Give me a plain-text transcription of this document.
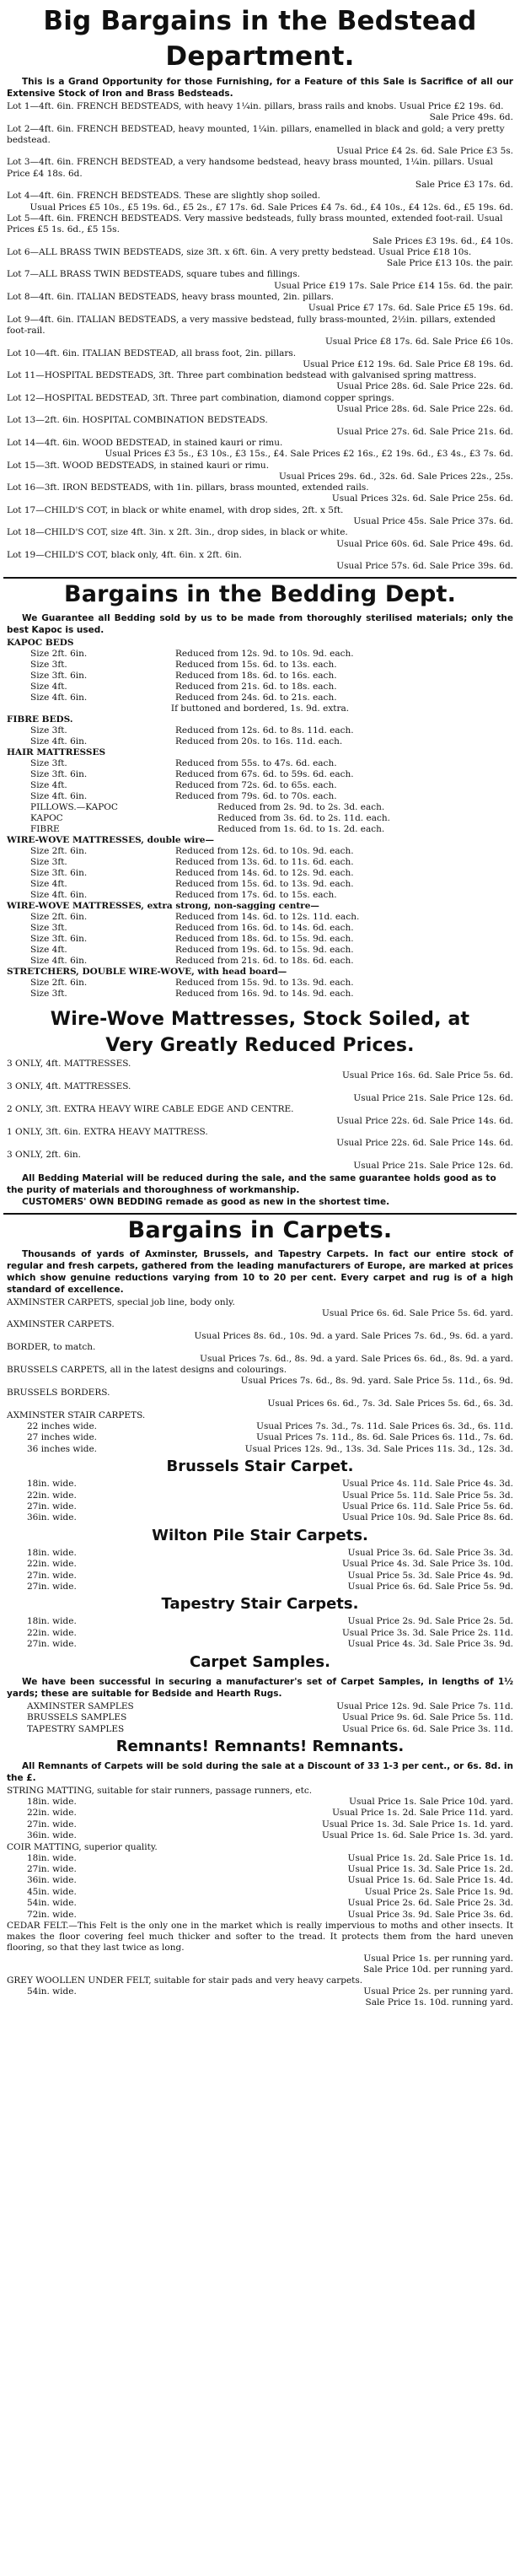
Big Bargains in the Bedstead
Department.
This is a Grand Opportunity for those Furnishing, for a Feature of this Sale is Sacrifice of all our Extensive Stock of Iron and Brass Bedsteads.
Lot 1—4ft. 6in. FRENCH BEDSTEADS, with heavy 1¼in. pillars, brass rails and knobs. Usual Price £2 19s. 6d.
Sale Price 49s. 6d.
Lot 2—4ft. 6in. FRENCH BEDSTEAD, heavy mounted, 1¼in. pillars, enamelled in black and gold; a very pretty bedstead.
Usual Price £4 2s. 6d. Sale Price £3 5s.
Lot 3—4ft. 6in. FRENCH BEDSTEAD, a very handsome bedstead, heavy brass mounted, 1¼in. pillars. Usual Price £4 18s. 6d.
Sale Price £3 17s. 6d.
Lot 4—4ft. 6in. FRENCH BEDSTEADS. These are slightly shop soiled.
Usual Prices £5 10s., £5 19s. 6d., £5 2s., £7 17s. 6d. Sale Prices £4 7s. 6d., £4 10s., £4 12s. 6d., £5 19s. 6d.
Lot 5—4ft. 6in. FRENCH BEDSTEADS. Very massive bedsteads, fully brass mounted, extended foot-rail. Usual Prices £5 1s. 6d., £5 15s.
Sale Prices £3 19s. 6d., £4 10s.
Lot 6—ALL BRASS TWIN BEDSTEADS, size 3ft. x 6ft. 6in. A very pretty bedstead. Usual Price £18 10s.
Sale Price £13 10s. the pair.
Lot 7—ALL BRASS TWIN BEDSTEADS, square tubes and fillings.
Usual Price £19 17s. Sale Price £14 15s. 6d. the pair.
Lot 8—4ft. 6in. ITALIAN BEDSTEADS, heavy brass mounted, 2in. pillars.
Usual Price £7 17s. 6d. Sale Price £5 19s. 6d.
Lot 9—4ft. 6in. ITALIAN BEDSTEADS, a very massive bedstead, fully brass-mounted, 2½in. pillars, extended foot-rail.
Usual Price £8 17s. 6d. Sale Price £6 10s.
Lot 10—4ft. 6in. ITALIAN BEDSTEAD, all brass foot, 2in. pillars.
Usual Price £12 19s. 6d. Sale Price £8 19s. 6d.
Lot 11—HOSPITAL BEDSTEADS, 3ft. Three part combination bedstead with galvanised spring mattress.
Usual Price 28s. 6d. Sale Price 22s. 6d.
Lot 12—HOSPITAL BEDSTEAD, 3ft. Three part combination, diamond copper springs.
Usual Price 28s. 6d. Sale Price 22s. 6d.
Lot 13—2ft. 6in. HOSPITAL COMBINATION BEDSTEADS.
Usual Price 27s. 6d. Sale Price 21s. 6d.
Lot 14—4ft. 6in. WOOD BEDSTEAD, in stained kauri or rimu.
Usual Prices £3 5s., £3 10s., £3 15s., £4. Sale Prices £2 16s., £2 19s. 6d., £3 4s., £3 7s. 6d.
Lot 15—3ft. WOOD BEDSTEADS, in stained kauri or rimu.
Usual Prices 29s. 6d., 32s. 6d. Sale Prices 22s., 25s.
Lot 16—3ft. IRON BEDSTEADS, with 1in. pillars, brass mounted, extended rails.
Usual Prices 32s. 6d. Sale Price 25s. 6d.
Lot 17—CHILD'S COT, in black or white enamel, with drop sides, 2ft. x 5ft.
Usual Price 45s. Sale Price 37s. 6d.
Lot 18—CHILD'S COT, size 4ft. 3in. x 2ft. 3in., drop sides, in black or white.
Usual Price 60s. 6d. Sale Price 49s. 6d.
Lot 19—CHILD'S COT, black only, 4ft. 6in. x 2ft. 6in.
Usual Price 57s. 6d. Sale Price 39s. 6d.
Bargains in the Bedding Dept.
We Guarantee all Bedding sold by us to be made from thoroughly sterilised materials; only the best Kapoc is used.
KAPOC BEDS
Size 2ft. 6in.	Reduced from 12s. 9d. to 10s. 9d. each.
Size 3ft.	Reduced from 15s. 6d. to 13s. each.
Size 3ft. 6in.	Reduced from 18s. 6d. to 16s. each.
Size 4ft.	Reduced from 21s. 6d. to 18s. each.
Size 4ft. 6in.	Reduced from 24s. 6d. to 21s. each.
If buttoned and bordered, 1s. 9d. extra.
FIBRE BEDS.
Size 3ft.	Reduced from 12s. 6d. to 8s. 11d. each.
Size 4ft. 6in.	Reduced from 20s. to 16s. 11d. each.
HAIR MATTRESSES
Size 3ft.	Reduced from 55s. to 47s. 6d. each.
Size 3ft. 6in.	Reduced from 67s. 6d. to 59s. 6d. each.
Size 4ft.	Reduced from 72s. 6d. to 65s. each.
Size 4ft. 6in.	Reduced from 79s. 6d. to 70s. each.
PILLOWS.—KAPOC	Reduced from 2s. 9d. to 2s. 3d. each.
KAPOC	Reduced from 3s. 6d. to 2s. 11d. each.
FIBRE	Reduced from 1s. 6d. to 1s. 2d. each.
WIRE-WOVE MATTRESSES, double wire—
Size 2ft. 6in.	Reduced from 12s. 6d. to 10s. 9d. each.
Size 3ft.	Reduced from 13s. 6d. to 11s. 6d. each.
Size 3ft. 6in.	Reduced from 14s. 6d. to 12s. 9d. each.
Size 4ft.	Reduced from 15s. 6d. to 13s. 9d. each.
Size 4ft. 6in.	Reduced from 17s. 6d. to 15s. each.
WIRE-WOVE MATTRESSES, extra strong, non-sagging centre—
Size 2ft. 6in.	Reduced from 14s. 6d. to 12s. 11d. each.
Size 3ft.	Reduced from 16s. 6d. to 14s. 6d. each.
Size 3ft. 6in.	Reduced from 18s. 6d. to 15s. 9d. each.
Size 4ft.	Reduced from 19s. 6d. to 15s. 9d. each.
Size 4ft. 6in.	Reduced from 21s. 6d. to 18s. 6d. each.
STRETCHERS, DOUBLE WIRE-WOVE, with head board—
Size 2ft. 6in.	Reduced from 15s. 9d. to 13s. 9d. each.
Size 3ft.	Reduced from 16s. 9d. to 14s. 9d. each.
Wire-Wove Mattresses, Stock Soiled, at
Very Greatly Reduced Prices.
3 ONLY, 4ft. MATTRESSES.
Usual Price 16s. 6d. Sale Price 5s. 6d.
3 ONLY, 4ft. MATTRESSES.
Usual Price 21s. Sale Price 12s. 6d.
2 ONLY, 3ft. EXTRA HEAVY WIRE CABLE EDGE AND CENTRE.
Usual Price 22s. 6d. Sale Price 14s. 6d.
1 ONLY, 3ft. 6in. EXTRA HEAVY MATTRESS.
Usual Price 22s. 6d. Sale Price 14s. 6d.
3 ONLY, 2ft. 6in.
Usual Price 21s. Sale Price 12s. 6d.
All Bedding Material will be reduced during the sale, and the same guarantee holds good as to the purity of materials and thoroughness of workmanship.
CUSTOMERS' OWN BEDDING remade as good as new in the shortest time.
Bargains in Carpets.
Thousands of yards of Axminster, Brussels, and Tapestry Carpets. In fact our entire stock of regular and fresh carpets, gathered from the leading manufacturers of Europe, are marked at prices which show genuine reductions varying from 10 to 20 per cent. Every carpet and rug is of a high standard of excellence.
AXMINSTER CARPETS, special job line, body only.
Usual Price 6s. 6d. Sale Price 5s. 6d. yard.
AXMINSTER CARPETS.
Usual Prices 8s. 6d., 10s. 9d. a yard. Sale Prices 7s. 6d., 9s. 6d. a yard.
BORDER, to match.
Usual Prices 7s. 6d., 8s. 9d. a yard. Sale Prices 6s. 6d., 8s. 9d. a yard.
BRUSSELS CARPETS, all in the latest designs and colourings.
Usual Prices 7s. 6d., 8s. 9d. yard. Sale Price 5s. 11d., 6s. 9d.
BRUSSELS BORDERS.
Usual Prices 6s. 6d., 7s. 3d. Sale Prices 5s. 6d., 6s. 3d.
AXMINSTER STAIR CARPETS.
22 inches wide.	Usual Prices 7s. 3d., 7s. 11d. Sale Prices 6s. 3d., 6s. 11d.
27 inches wide.	Usual Prices 7s. 11d., 8s. 6d. Sale Prices 6s. 11d., 7s. 6d.
36 inches wide.	Usual Prices 12s. 9d., 13s. 3d. Sale Prices 11s. 3d., 12s. 3d.
Brussels Stair Carpet.
18in. wide.	Usual Price 4s. 11d. Sale Price 4s. 3d.
22in. wide.	Usual Price 5s. 11d. Sale Price 5s. 3d.
27in. wide.	Usual Price 6s. 11d. Sale Price 5s. 6d.
36in. wide.	Usual Price 10s. 9d. Sale Price 8s. 6d.
Wilton Pile Stair Carpets.
18in. wide.	Usual Price 3s. 6d. Sale Price 3s. 3d.
22in. wide.	Usual Price 4s. 3d. Sale Price 3s. 10d.
27in. wide.	Usual Price 5s. 3d. Sale Price 4s. 9d.
27in. wide.	Usual Price 6s. 6d. Sale Price 5s. 9d.
Tapestry Stair Carpets.
18in. wide.	Usual Price 2s. 9d. Sale Price 2s. 5d.
22in. wide.	Usual Price 3s. 3d. Sale Price 2s. 11d.
27in. wide.	Usual Price 4s. 3d. Sale Price 3s. 9d.
Carpet Samples.
We have been successful in securing a manufacturer's set of Carpet Samples, in lengths of 1½ yards; these are suitable for Bedside and Hearth Rugs.
AXMINSTER SAMPLES	Usual Price 12s. 9d. Sale Price 7s. 11d.
BRUSSELS SAMPLES	Usual Price 9s. 6d. Sale Price 5s. 11d.
TAPESTRY SAMPLES	Usual Price 6s. 6d. Sale Price 3s. 11d.
Remnants! Remnants! Remnants.
All Remnants of Carpets will be sold during the sale at a Discount of 33 1-3 per cent., or 6s. 8d. in the £.
STRING MATTING, suitable for stair runners, passage runners, etc.
18in. wide.	Usual Price 1s. Sale Price 10d. yard.
22in. wide.	Usual Price 1s. 2d. Sale Price 11d. yard.
27in. wide.	Usual Price 1s. 3d. Sale Price 1s. 1d. yard.
36in. wide.	Usual Price 1s. 6d. Sale Price 1s. 3d. yard.
COIR MATTING, superior quality.
18in. wide.	Usual Price 1s. 2d. Sale Price 1s. 1d.
27in. wide.	Usual Price 1s. 3d. Sale Price 1s. 2d.
36in. wide.	Usual Price 1s. 6d. Sale Price 1s. 4d.
45in. wide.	Usual Price 2s. Sale Price 1s. 9d.
54in. wide.	Usual Price 2s. 6d. Sale Price 2s. 3d.
72in. wide.	Usual Price 3s. 9d. Sale Price 3s. 6d.
CEDAR FELT.—This Felt is the only one in the market which is really impervious to moths and other insects. It makes the floor covering feel much thicker and softer to the tread. It protects them from the hard uneven flooring, so that they last twice as long.
Usual Price 1s. per running yard.
Sale Price 10d. per running yard.
GREY WOOLLEN UNDER FELT, suitable for stair pads and very heavy carpets.
54in. wide.	Usual Price 2s. per running yard.
Sale Price 1s. 10d. running yard.
